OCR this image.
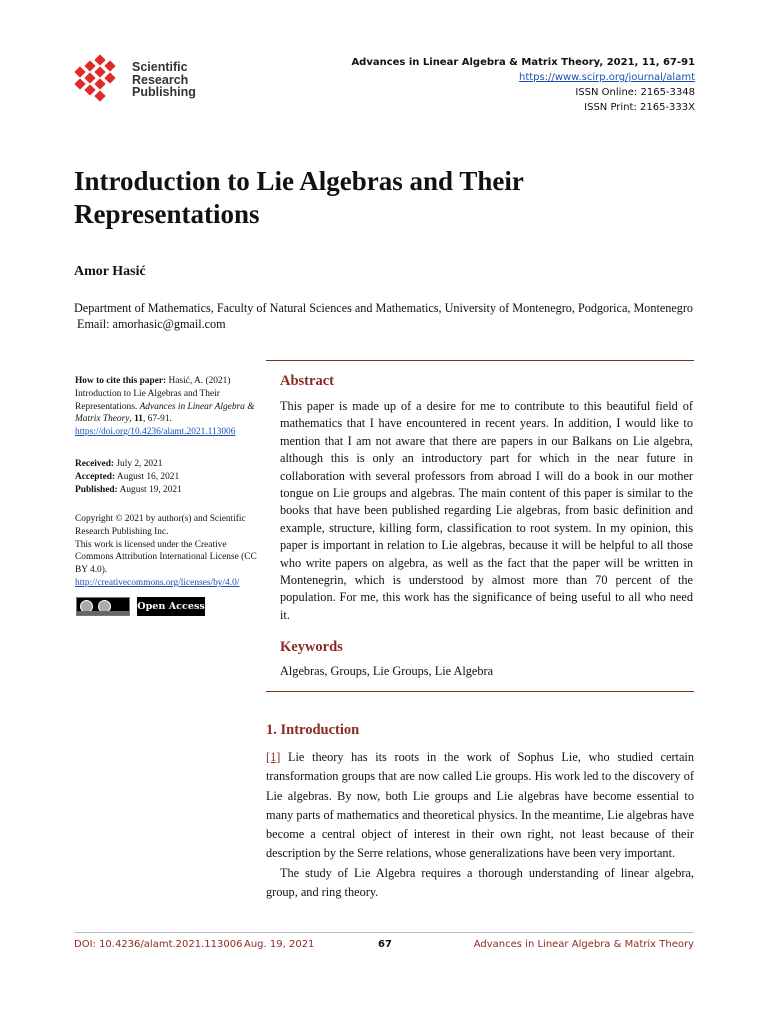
Scientific
Research
Publishing
Advances in Linear Algebra & Matrix Theory, 2021, 11, 67-91
https://www.scirp.org/journal/alamt
ISSN Online: 2165-3348
ISSN Print: 2165-333X
Introduction to Lie Algebras and Their Representations
Amor Hasić
Department of Mathematics, Faculty of Natural Sciences and Mathematics, University of Montenegro, Podgorica, Montenegro
Email: amorhasic@gmail.com
How to cite this paper: Hasić, A. (2021) Introduction to Lie Algebras and Their Representations. Advances in Linear Algebra & Matrix Theory, 11, 67-91.
https://doi.org/10.4236/alamt.2021.113006
Received: July 2, 2021
Accepted: August 16, 2021
Published: August 19, 2021
Copyright © 2021 by author(s) and Scientific Research Publishing Inc.
This work is licensed under the Creative Commons Attribution International License (CC BY 4.0).
http://creativecommons.org/licenses/by/4.0/
Open Access
Abstract

This paper is made up of a desire for me to contribute to this beautiful field of mathematics that I have encountered in recent years. In addition, I would like to mention that I am not aware that there are papers in our Balkans on Lie algebra, although this is only an introductory part for which in the near future in collaboration with several professors from abroad I will do a book in our mother tongue on Lie groups and algebras. The main content of this paper is similar to the books that have been published regarding Lie algebras, from basic definition and example, structure, killing form, classification to root system. In my opinion, this paper is important in relation to Lie algebras, because it will be helpful to all those who write papers on algebra, as well as the fact that the paper will be written in Montenegrin, which is understood by almost more than 70 percent of the population. For me, this work has the significance of being useful to all who need it.

Keywords

Algebras, Groups, Lie Groups, Lie Algebra

1. Introduction

[1] Lie theory has its roots in the work of Sophus Lie, who studied certain transformation groups that are now called Lie groups. His work led to the discovery of Lie algebras. By now, both Lie groups and Lie algebras have become essential to many parts of mathematics and theoretical physics. In the meantime, Lie algebras have become a central object of interest in their own right, not least because of their description by the Serre relations, whose generalizations have been very important.

The study of Lie Algebra requires a thorough understanding of linear algebra, group, and ring theory.

DOI: 10.4236/alamt.2021.113006 Aug. 19, 2021	67	Advances in Linear Algebra & Matrix Theory
